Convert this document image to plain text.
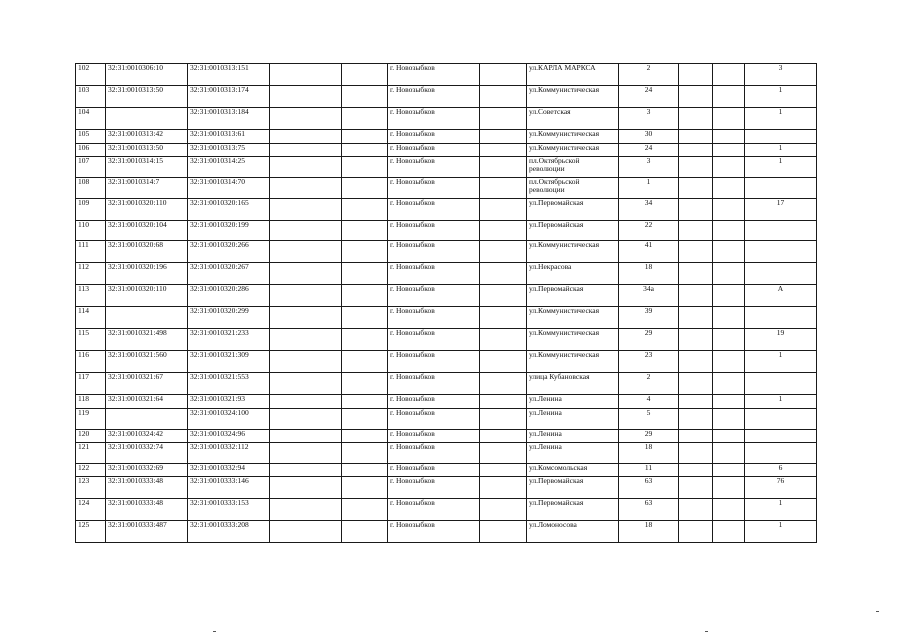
102	32:31:0010306:10	32:31:0010313:151			г. Новозыбков		ул.КАРЛА МАРКСА	2			3
103	32:31:0010313:50	32:31:0010313:174			г. Новозыбков		ул.Коммунистическая	24			1
104		32:31:0010313:184			г. Новозыбков		ул.Советская	3			1
105	32:31:0010313:42	32:31:0010313:61			г. Новозыбков		ул.Коммунистическая	30			
106	32:31:0010313:50	32:31:0010313:75			г. Новозыбков		ул.Коммунистическая	24			1
107	32:31:0010314:15	32:31:0010314:25			г. Новозыбков		пл.Октябрьской революции	3			1
108	32:31:0010314:7	32:31:0010314:70			г. Новозыбков		пл.Октябрьской революции	1			
109	32:31:0010320:110	32:31:0010320:165			г. Новозыбков		ул.Первомайская	34			17
110	32:31:0010320:104	32:31:0010320:199			г. Новозыбков		ул.Первомайская	22			
111	32:31:0010320:68	32:31:0010320:266			г. Новозыбков		ул.Коммунистическая	41			
112	32:31:0010320:196	32:31:0010320:267			г. Новозыбков		ул.Некрасова	18			
113	32:31:0010320:110	32:31:0010320:286			г. Новозыбков		ул.Первомайская	34а			А
114		32:31:0010320:299			г. Новозыбков		ул.Коммунистическая	39			
115	32:31:0010321:498	32:31:0010321:233			г. Новозыбков		ул.Коммунистическая	29			19
116	32:31:0010321:560	32:31:0010321:309			г. Новозыбков		ул.Коммунистическая	23			1
117	32:31:0010321:67	32:31:0010321:553			г. Новозыбков		улица Кубановская	2			
118	32:31:0010321:64	32:31:0010321:93			г. Новозыбков		ул.Ленина	4			1
119		32:31:0010324:100			г. Новозыбков		ул.Ленина	5			
120	32:31:0010324:42	32:31:0010324:96			г. Новозыбков		ул.Ленина	29			
121	32:31:0010332:74	32:31:0010332:112			г. Новозыбков		ул.Ленина	18			
122	32:31:0010332:69	32:31:0010332:94			г. Новозыбков		ул.Комсомольская	11			6
123	32:31:0010333:48	32:31:0010333:146			г. Новозыбков		ул.Первомайская	63			76
124	32:31:0010333:48	32:31:0010333:153			г. Новозыбков		ул.Первомайская	63			1
125	32:31:0010333:487	32:31:0010333:208			г. Новозыбков		ул.Ломоносова	18			1
